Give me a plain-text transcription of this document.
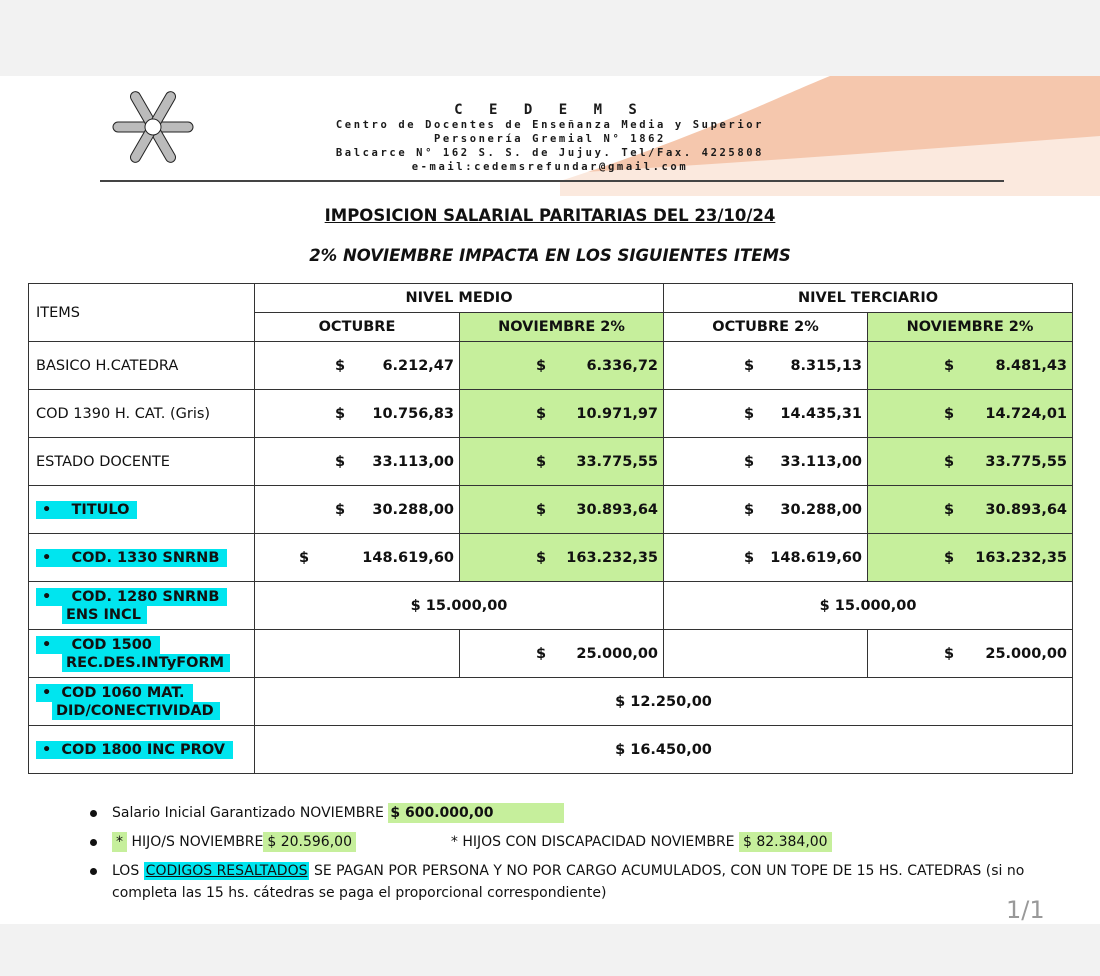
C E D E M S
Centro de Docentes de Enseñanza Media y Superior
Personería Gremial N° 1862
Balcarce N° 162 S. S. de Jujuy. Tel/Fax. 4225808
e-mail:cedemsrefundar@gmail.com
IMPOSICION SALARIAL PARITARIAS DEL 23/10/24
2% NOVIEMBRE IMPACTA EN LOS SIGUIENTES ITEMS
ITEMS	NIVEL MEDIO		NIVEL TERCIARIO	
	OCTUBRE	NOVIEMBRE 2%	OCTUBRE 2%	NOVIEMBRE 2%
BASICO H.CATEDRA	$ 6.212,47	$ 6.336,72	$ 8.315,13	$ 8.481,43

COD 1390 H. CAT. (Gris)	$ 10.756,83	$ 10.971,97	$ 14.435,31	$ 14.724,01

ESTADO DOCENTE	$ 33.113,00	$ 33.775,55	$ 33.113,00	$ 33.775,55

•    TITULO	$ 30.288,00	$ 30.893,64	$ 30.288,00	$ 30.893,64

•    COD. 1330 SNRNB	$ 148.619,60	$ 163.232,35	$ 148.619,60	$ 163.232,35

•    COD. 1280 SNRNB
ENS INCL	$ 15.000,00		$ 15.000,00	
•    COD 1500
REC.DES.INTyFORM		$ 25.000,00		$ 25.000,00

•  COD 1060 MAT.
DID/CONECTIVIDAD	$ 12.250,00			
•  COD 1800 INC PROV	$ 16.450,00			
Salario Inicial Garantizado NOVIEMBRE $ 600.000,00
* HIJO/S NOVIEMBRE $ 20.596,00	* HIJOS CON DISCAPACIDAD NOVIEMBRE $ 82.384,00
LOS CODIGOS RESALTADOS SE PAGAN POR PERSONA Y NO POR CARGO ACUMULADOS, CON UN TOPE DE 15 HS. CATEDRAS (si no completa las 15 hs. cátedras se paga el proporcional correspondiente)
1/1
